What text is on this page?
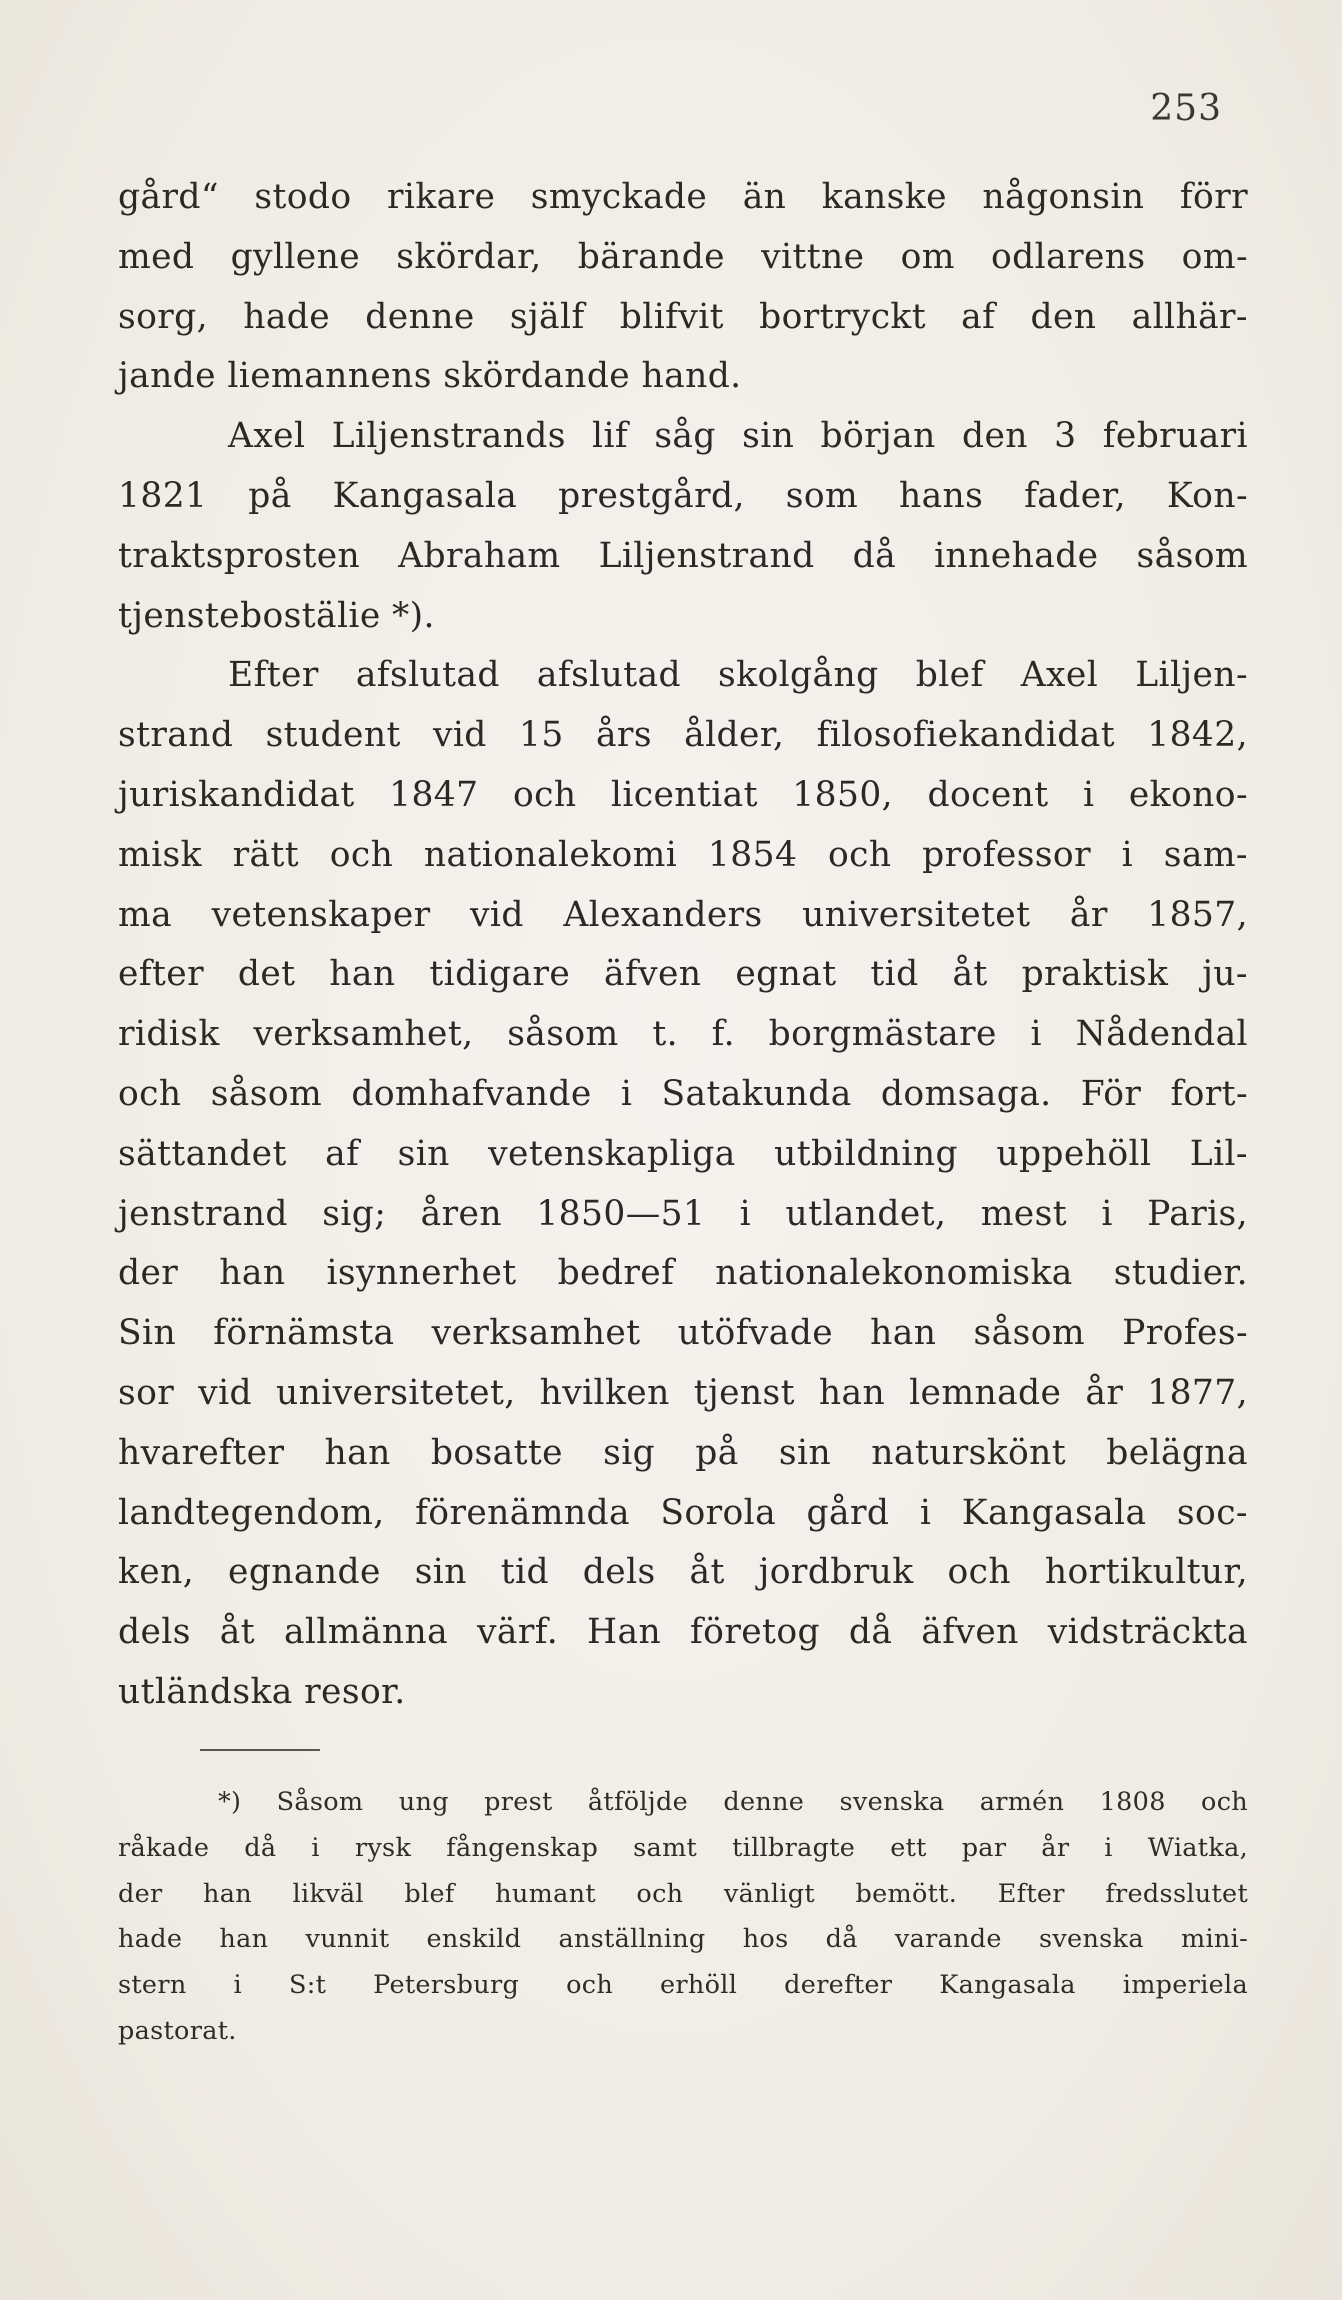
253
gård“ stodo rikare smyckade än kanske någonsin förr
med gyllene skördar, bärande vittne om odlarens om-
sorg, hade denne själf blifvit bortryckt af den allhär-
jande liemannens skördande hand.
Axel Liljenstrands lif såg sin början den 3 februari
1821 på Kangasala prestgård, som hans fader, Kon-
traktsprosten Abraham Liljenstrand då innehade såsom
tjenstebostälie *).
Efter afslutad afslutad skolgång blef Axel Liljen-
strand student vid 15 års ålder, filosofiekandidat 1842,
juriskandidat 1847 och licentiat 1850, docent i ekono-
misk rätt och nationalekomi 1854 och professor i sam-
ma vetenskaper vid Alexanders universitetet år 1857,
efter det han tidigare äfven egnat tid åt praktisk ju-
ridisk verksamhet, såsom t. f. borgmästare i Nådendal
och såsom domhafvande i Satakunda domsaga. För fort-
sättandet af sin vetenskapliga utbildning uppehöll Lil-
jenstrand sig; åren 1850—51 i utlandet, mest i Paris,
der han isynnerhet bedref nationalekonomiska studier.
Sin förnämsta verksamhet utöfvade han såsom Profes-
sor vid universitetet, hvilken tjenst han lemnade år 1877,
hvarefter han bosatte sig på sin naturskönt belägna
landtegendom, förenämnda Sorola gård i Kangasala soc-
ken, egnande sin tid dels åt jordbruk och hortikultur,
dels åt allmänna värf. Han företog då äfven vidsträckta
utländska resor.
*) Såsom ung prest åtföljde denne svenska armén 1808 och
råkade då i rysk fångenskap samt tillbragte ett par år i Wiatka,
der han likväl blef humant och vänligt bemött. Efter fredsslutet
hade han vunnit enskild anställning hos då varande svenska mini-
stern i S:t Petersburg och erhöll derefter Kangasala imperiela
pastorat.
